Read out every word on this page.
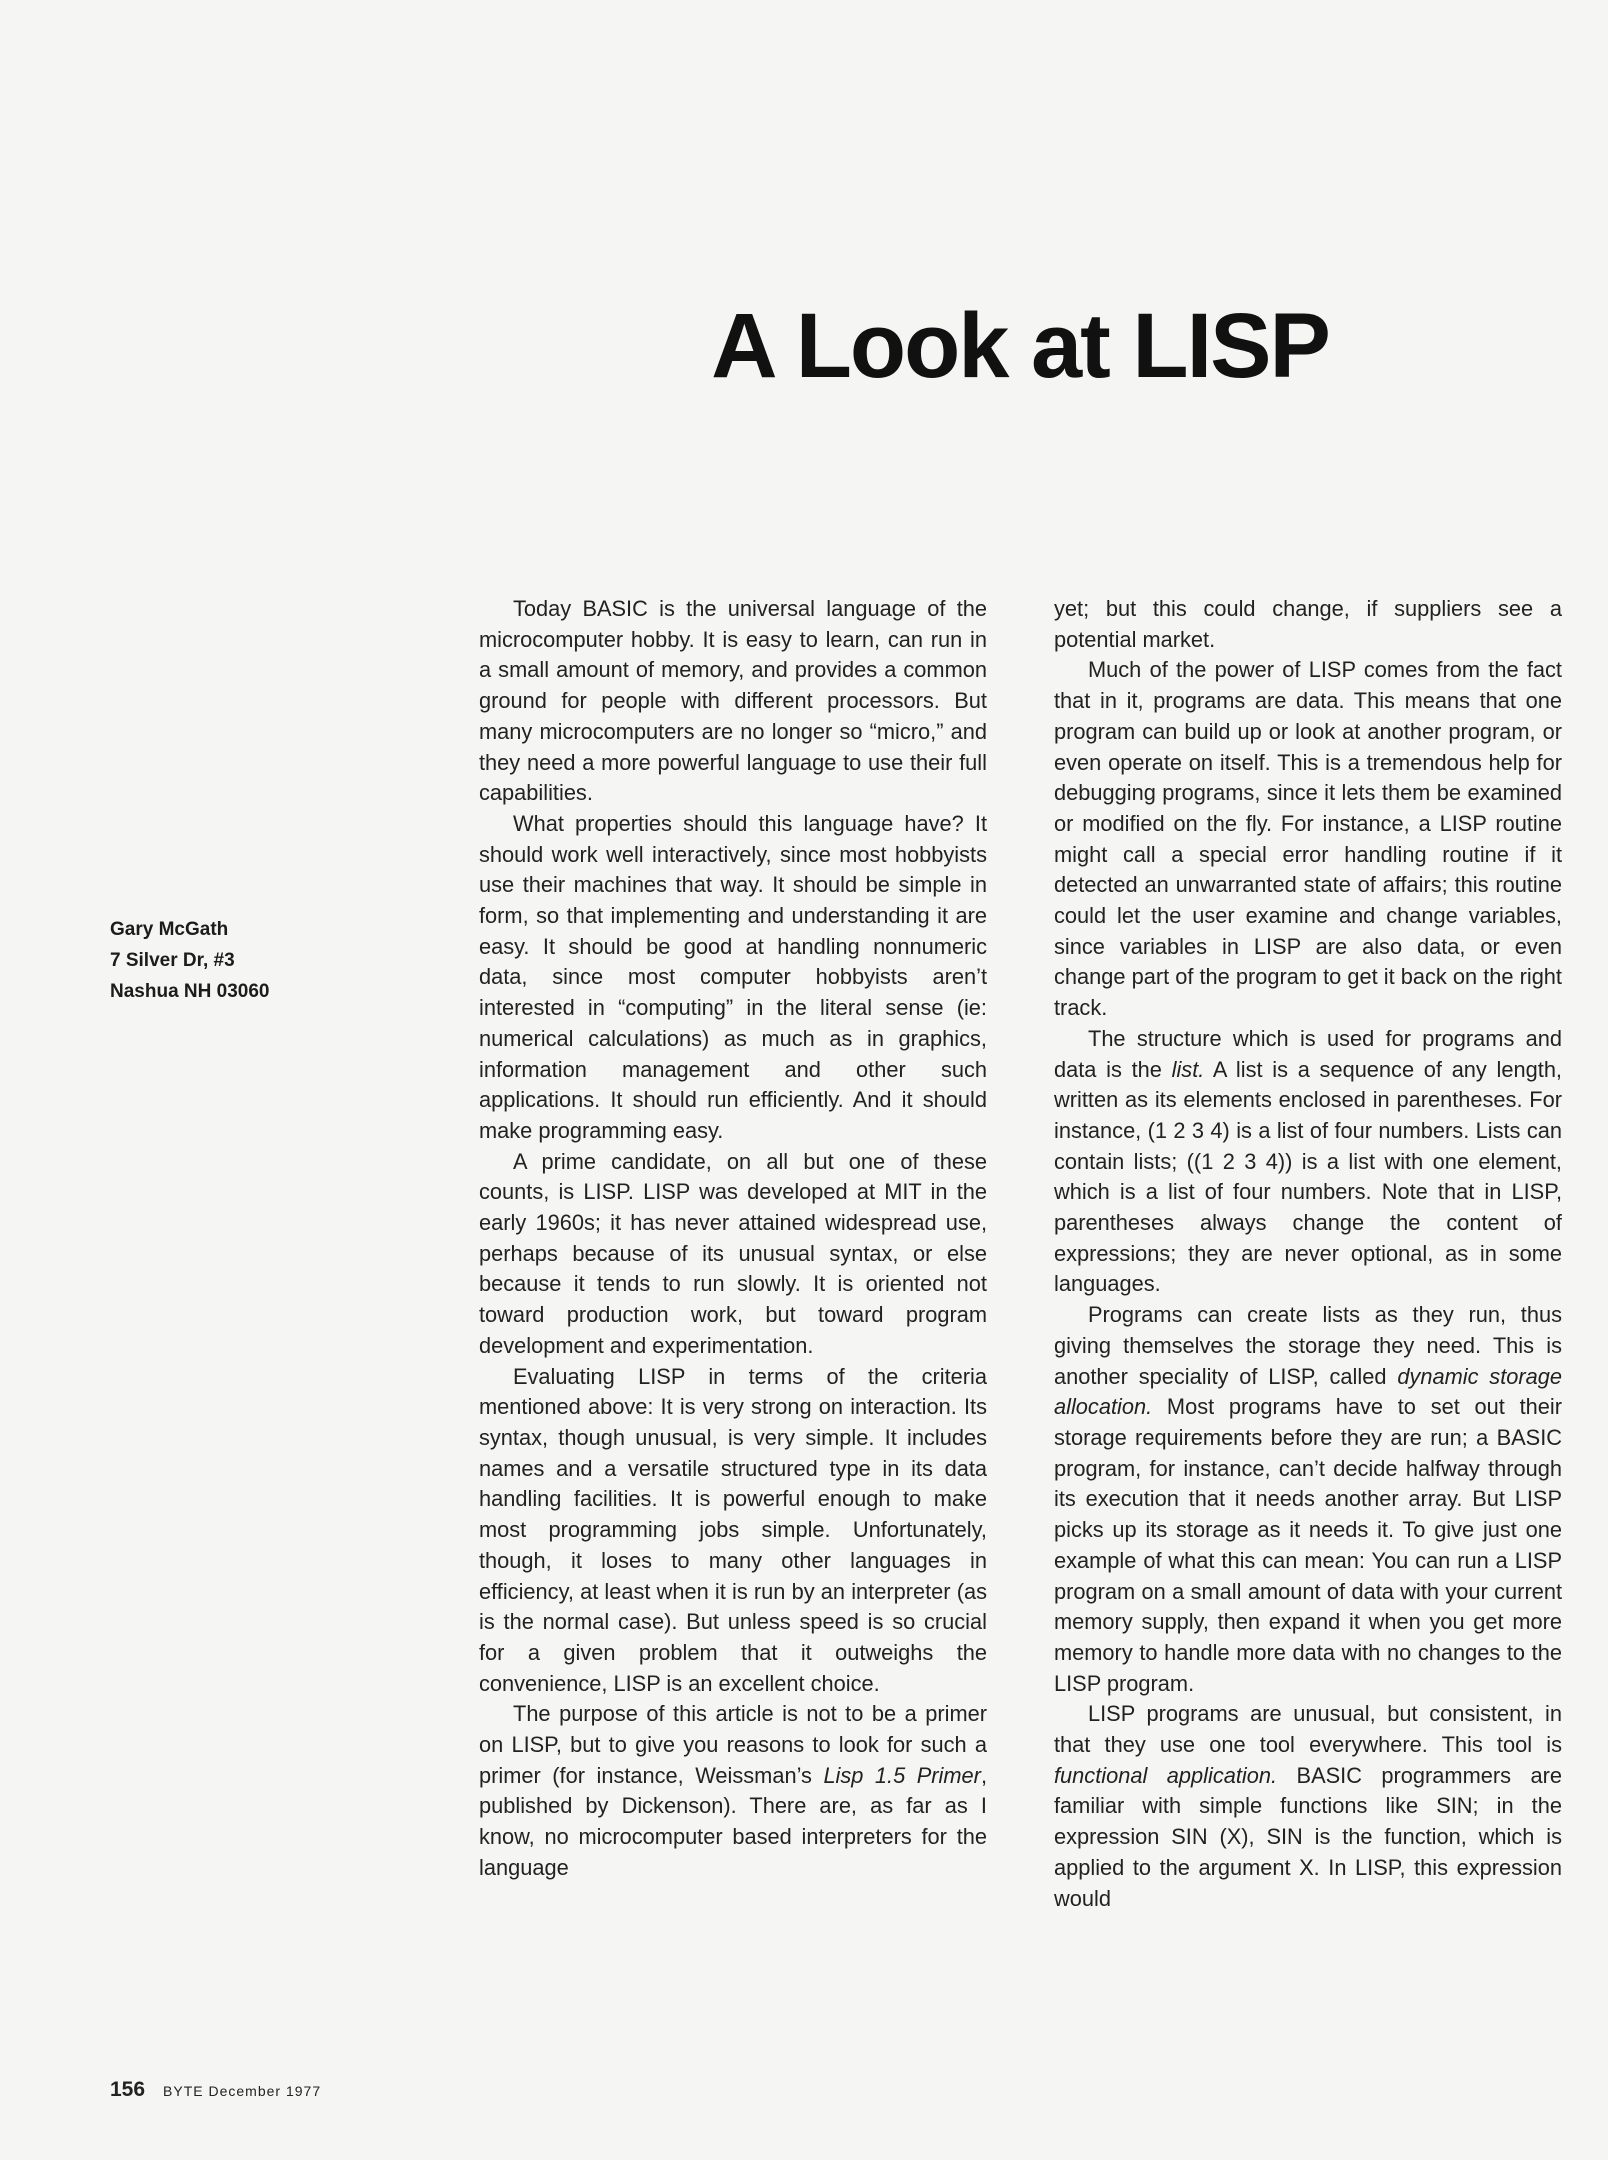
A Look at LISP
Gary McGath
7 Silver Dr, #3
Nashua NH 03060

Today BASIC is the universal language of the microcomputer hobby. It is easy to learn, can run in a small amount of memory, and provides a common ground for people with different processors. But many microcomputers are no longer so “micro,” and they need a more powerful language to use their full capabilities.

What properties should this language have? It should work well interactively, since most hobbyists use their machines that way. It should be simple in form, so that implementing and understanding it are easy. It should be good at handling nonnumeric data, since most computer hobbyists aren’t interested in “computing” in the literal sense (ie: numerical calculations) as much as in graphics, information management and other such applications. It should run efficiently. And it should make programming easy.

A prime candidate, on all but one of these counts, is LISP. LISP was developed at MIT in the early 1960s; it has never attained widespread use, perhaps because of its unusual syntax, or else because it tends to run slowly. It is oriented not toward production work, but toward program development and experimentation.

Evaluating LISP in terms of the criteria mentioned above: It is very strong on interaction. Its syntax, though unusual, is very simple. It includes names and a versatile structured type in its data handling facilities. It is powerful enough to make most programming jobs simple. Unfortunately, though, it loses to many other languages in efficiency, at least when it is run by an interpreter (as is the normal case). But unless speed is so crucial for a given problem that it outweighs the convenience, LISP is an excellent choice.

The purpose of this article is not to be a primer on LISP, but to give you reasons to look for such a primer (for instance, Weissman’s Lisp 1.5 Primer, published by Dickenson). There are, as far as I know, no microcomputer based interpreters for the language

yet; but this could change, if suppliers see a potential market.

Much of the power of LISP comes from the fact that in it, programs are data. This means that one program can build up or look at another program, or even operate on itself. This is a tremendous help for debugging programs, since it lets them be examined or modified on the fly. For instance, a LISP routine might call a special error handling routine if it detected an unwarranted state of affairs; this routine could let the user examine and change variables, since variables in LISP are also data, or even change part of the program to get it back on the right track.

The structure which is used for programs and data is the list. A list is a sequence of any length, written as its elements enclosed in parentheses. For instance, (1 2 3 4) is a list of four numbers. Lists can contain lists; ((1 2 3 4)) is a list with one element, which is a list of four numbers. Note that in LISP, parentheses always change the content of expressions; they are never optional, as in some languages.

Programs can create lists as they run, thus giving themselves the storage they need. This is another speciality of LISP, called dynamic storage allocation. Most programs have to set out their storage requirements before they are run; a BASIC program, for instance, can’t decide halfway through its execution that it needs another array. But LISP picks up its storage as it needs it. To give just one example of what this can mean: You can run a LISP program on a small amount of data with your current memory supply, then expand it when you get more memory to handle more data with no changes to the LISP program.

LISP programs are unusual, but consistent, in that they use one tool everywhere. This tool is functional application. BASIC programmers are familiar with simple functions like SIN; in the expression SIN (X), SIN is the function, which is applied to the argument X. In LISP, this expression would

156 BYTE December 1977
